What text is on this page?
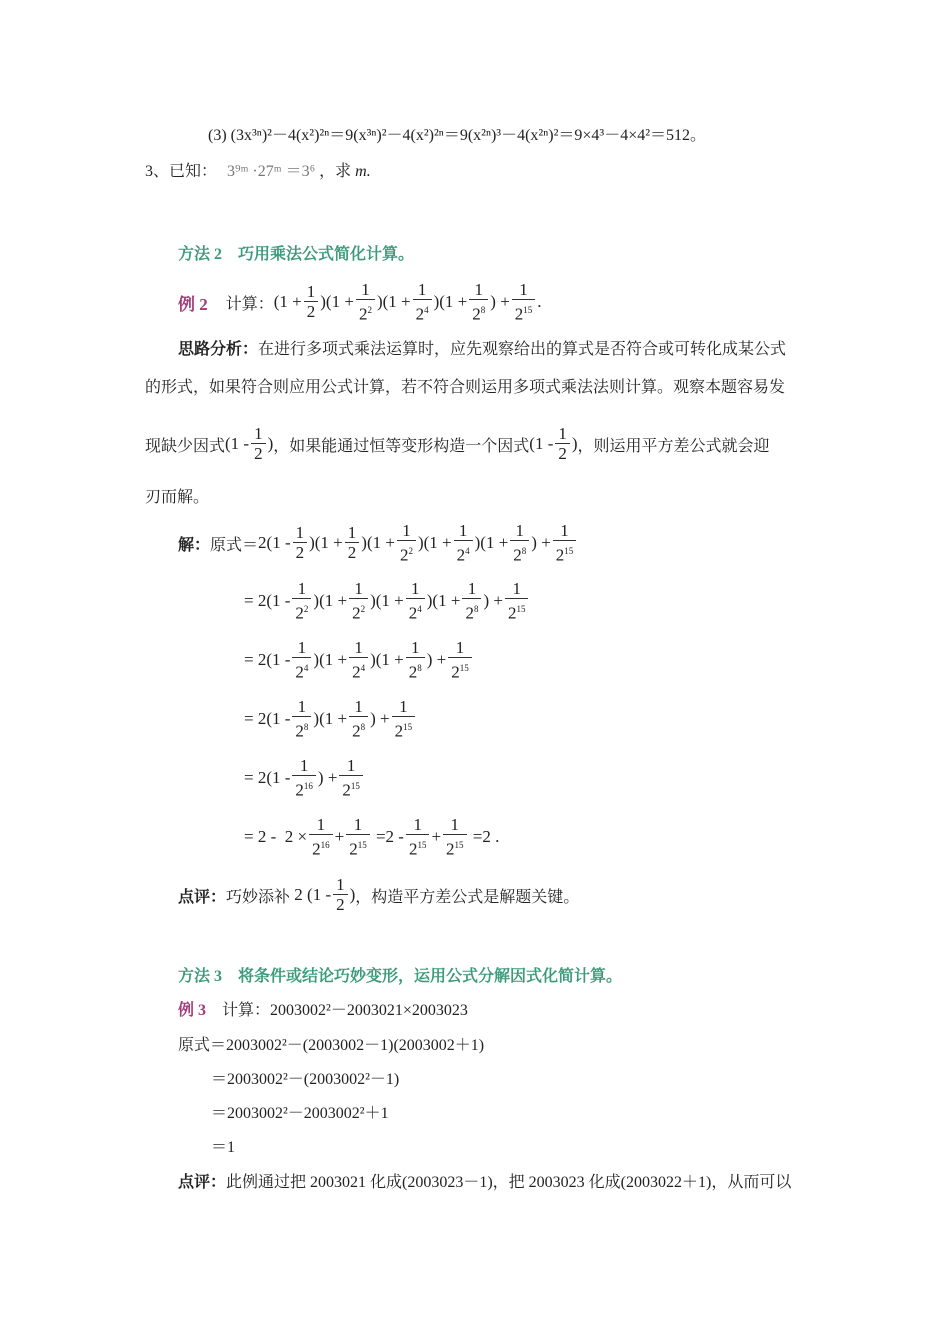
(3) (3x³ⁿ)²－4(x²)²ⁿ＝9(x³ⁿ)²－4(x²)²ⁿ＝9(x²ⁿ)³－4(x²ⁿ)²＝9×4³－4×4²＝512。
3、已知： 3⁹ᵐ ·27ᵐ ＝3⁶ ，求 m.
方法 2　巧用乘法公式简化计算。
例 2 计算： $(1 + \frac{1}{2} )(1 + \frac{1}{2^2} )(1 + \frac{1}{2^4} )(1 + \frac{1}{2^8}$ ) + $\frac{1}{2^{15}}$ .
思路分析：在进行多项式乘法运算时，应先观察给出的算式是否符合或可转化成某公式
的形式，如果符合则应用公式计算，若不符合则运用多项式乘法法则计算。观察本题容易发
现缺少因式 ($1 - \frac{1}{2}$ ) ，如果能通过恒等变形构造一个因式 ($1 - \frac{1}{2}$ ) ，则运用平方差公式就会迎
刃而解。
解： 原式＝ $2(1 - \frac{1}{2} )(1 + \frac{1}{2} )(1 + \frac{1}{2^2} )(1 + \frac{1}{2^4} )(1 + \frac{1}{2^8}$ ) + $\frac{1}{2^{15}}$
= $2(1 - \frac{1}{2^2} )(1 + \frac{1}{2^2} )(1 + \frac{1}{2^4} )(1 + \frac{1}{2^8}$ ) + $\frac{1}{2^{15}}$
= $2(1 - \frac{1}{2^4} )(1 + \frac{1}{2^4} )(1 + \frac{1}{2^8}$ ) + $\frac{1}{2^{15}}$
= $2(1 - \frac{1}{2^8} )(1 + \frac{1}{2^8}$ ) + $\frac{1}{2^{15}}$
= $2(1 - \frac{1}{2^{16}}$ ) + $\frac{1}{2^{15}}$
= $2 - 2 \times \frac{1}{2^{16}} + \frac{1}{2^{15}} =2 - \frac{1}{2^{15}} + \frac{1}{2^{15}} =2$ .
点评： 巧妙添补 2 ($1 - \frac{1}{2}$ ) ，构造平方差公式是解题关键。
方法 3　将条件或结论巧妙变形，运用公式分解因式化简计算。
例 3 计算：2003002²－2003021×2003023
原式＝2003002²－(2003002－1)(2003002＋1)
＝2003002²－(2003002²－1)
＝2003002²－2003002²＋1
＝1
点评：此例通过把 2003021 化成(2003023－1)，把 2003023 化成(2003022＋1)，从而可以
